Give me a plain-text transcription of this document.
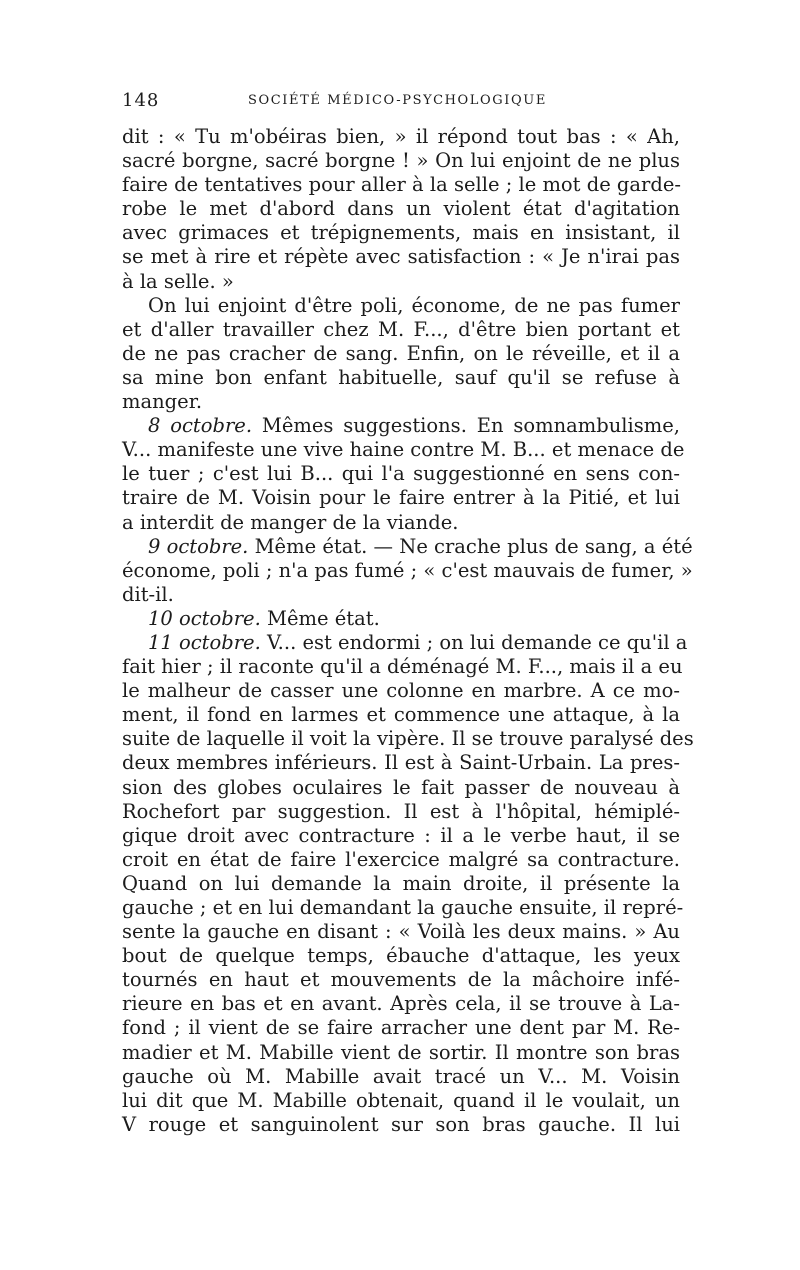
148	SOCIÉTÉ MÉDICO-PSYCHOLOGIQUE
dit : « Tu m'obéiras bien, » il répond tout bas : « Ah,
sacré borgne, sacré borgne ! » On lui enjoint de ne plus
faire de tentatives pour aller à la selle ; le mot de garde-
robe le met d'abord dans un violent état d'agitation
avec grimaces et trépignements, mais en insistant, il
se met à rire et répète avec satisfaction : « Je n'irai pas
à la selle. »
On lui enjoint d'être poli, économe, de ne pas fumer
et d'aller travailler chez M. F..., d'être bien portant et
de ne pas cracher de sang. Enfin, on le réveille, et il a
sa mine bon enfant habituelle, sauf qu'il se refuse à
manger.
8 octobre. Mêmes suggestions. En somnambulisme,
V... manifeste une vive haine contre M. B... et menace de
le tuer ; c'est lui B... qui l'a suggestionné en sens con-
traire de M. Voisin pour le faire entrer à la Pitié, et lui
a interdit de manger de la viande.
9 octobre. Même état. — Ne crache plus de sang, a été
économe, poli ; n'a pas fumé ; « c'est mauvais de fumer, »
dit-il.
10 octobre. Même état.
11 octobre. V... est endormi ; on lui demande ce qu'il a
fait hier ; il raconte qu'il a déménagé M. F..., mais il a eu
le malheur de casser une colonne en marbre. A ce mo-
ment, il fond en larmes et commence une attaque, à la
suite de laquelle il voit la vipère. Il se trouve paralysé des
deux membres inférieurs. Il est à Saint-Urbain. La pres-
sion des globes oculaires le fait passer de nouveau à
Rochefort par suggestion. Il est à l'hôpital, hémiplé-
gique droit avec contracture : il a le verbe haut, il se
croit en état de faire l'exercice malgré sa contracture.
Quand on lui demande la main droite, il présente la
gauche ; et en lui demandant la gauche ensuite, il repré-
sente la gauche en disant : « Voilà les deux mains. » Au
bout de quelque temps, ébauche d'attaque, les yeux
tournés en haut et mouvements de la mâchoire infé-
rieure en bas et en avant. Après cela, il se trouve à La-
fond ; il vient de se faire arracher une dent par M. Re-
madier et M. Mabille vient de sortir. Il montre son bras
gauche où M. Mabille avait tracé un V... M. Voisin
lui dit que M. Mabille obtenait, quand il le voulait, un
V rouge et sanguinolent sur son bras gauche. Il lui
